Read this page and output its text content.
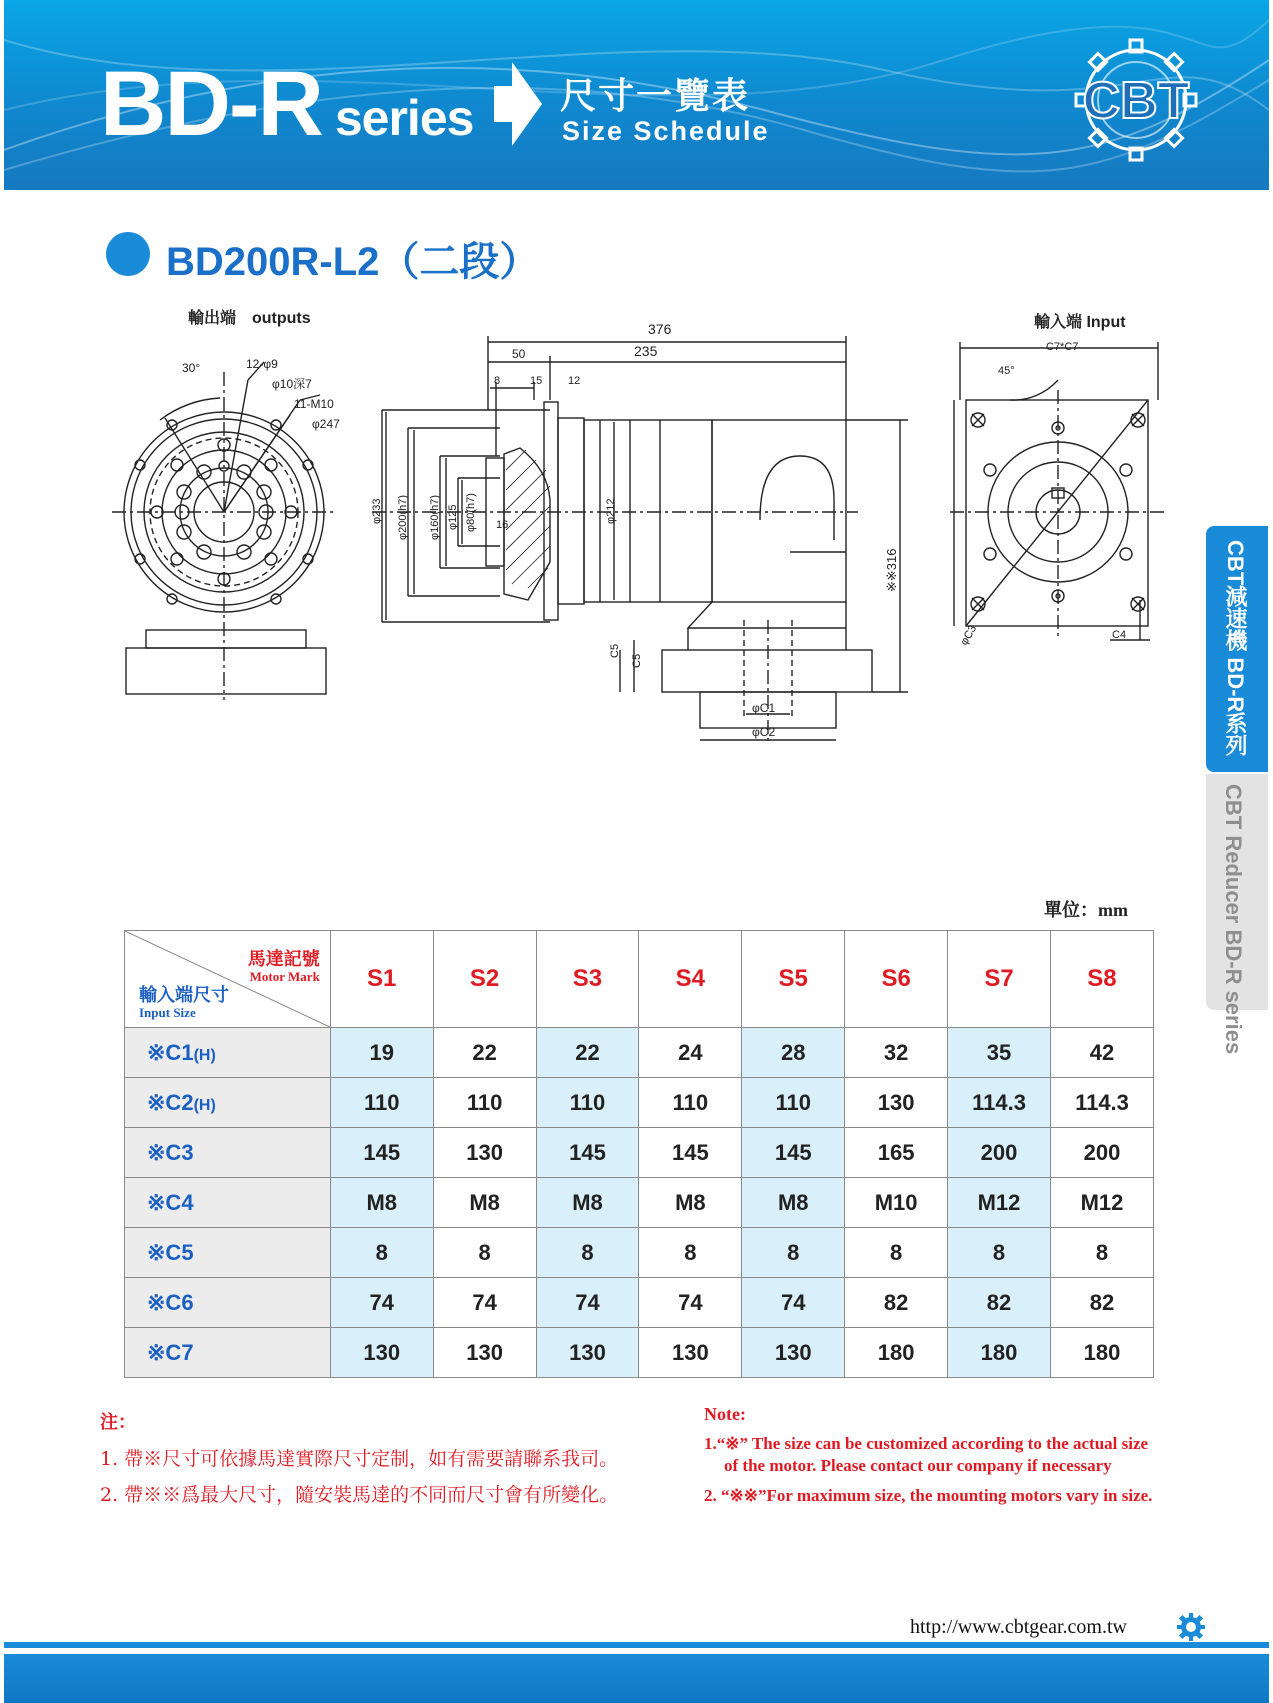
BD-R series 尺寸一覽表
Size Schedule
CBT
BD200R-L2（二段）
輸出端　outputs	輸入端 Input
30°	12-φ9
φ10深7
11-M10
φ247
376
235
50
8	15 12
φ233 φ200(h7) φ160(h7) φ125 φ80(h7) 16
φ212
※※316
C5
C5
φC1
φC2
C7*C7
45°
φC3	C4	CBT減速機 BD-R系列
CBT Reducer BD-R series
單位：mm
馬達記號
Motor Mark
輸入端尺寸
Input Size	S1	S2	S3	S4	S5	S6	S7	S8
※C1(H)	19	22	22	24	28	32	35	42
※C2(H)	110	110	110	110	110	130	114.3	114.3
※C3	145	130	145	145	145	165	200	200
※C4	M8	M8	M8	M8	M8	M10	M12	M12
※C5	8	8	8	8	8	8	8	8
※C6	74	74	74	74	74	82	82	82
※C7	130	130	130	130	130	180	180	180
注：
1. 帶※尺寸可依據馬達實際尺寸定制，如有需要請聯系我司。
2. 帶※※爲最大尺寸，隨安裝馬達的不同而尺寸會有所變化。
Note:
1.“※” The size can be customized according to the actual size
of the motor. Please contact our company if necessary
2. “※※”For maximum size, the mounting motors vary in size.
http://www.cbtgear.com.tw
